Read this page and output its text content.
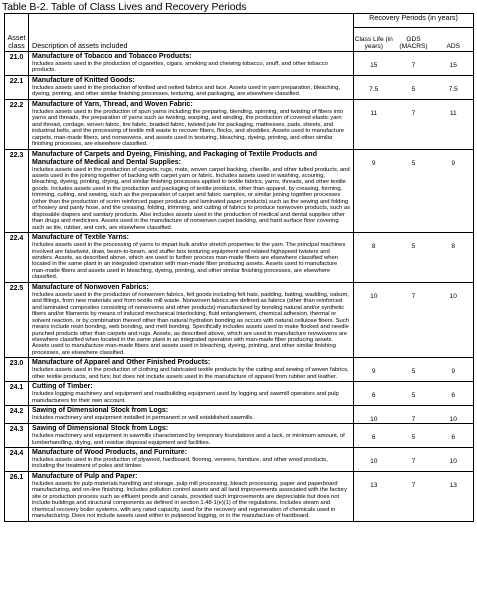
Table B-2. Table of Class Lives and Recovery Periods
Asset class	Description of assets included	Recovery Periods (in years)		
		Class Life (in years)	GDS (MACRS)	ADS
21.0	Manufacture of Tobacco and Tobacco Products:
Includes assets used in the production of cigarettes, cigars, smoking and chewing tobacco, snuff, and other tobacco products.	15	7	15
22.1	Manufacture of Knitted Goods:
Includes assets used in the production of knitted and netted fabrics and lace. Assets used in yarn preparation, bleaching, dyeing, printing, and other similar finishing processes, texturing, and packaging, are elsewhere classified.	7.5	5	7.5
22.2	Manufacture of Yarn, Thread, and Woven Fabric:
Includes assets used in the production of spun yarns including the preparing, blending, spinning, and twisting of fibers into yarns and threads, the preparation of yarns such as twisting, warping, and winding, the production of covered elastic yarn and thread, cordage, woven fabric, tire fabric, braided fabric, twisted jute for packaging, mattresses, pads, sheets, and industrial belts, and the processing of textile mill waste to recover fibers, flocks, and shoddies. Assets used to manufacture carpets, man-made fibers, and nonwovens, and assets used in texturing, bleaching, dyeing, printing, and other similar finishing processes, are elsewhere classified.	11	7	11
22.3	Manufacture of Carpets and Dyeing, Finishing, and Packaging of Textile Products and Manufacture of Medical and Dental Supplies:
Includes assets used in the production of carpets, rugs, mats, woven carpet backing, chenille, and other tufted products, and assets used in the joining together of backing with carpet yarn or fabric. Includes assets used in washing, scouring, bleaching, dyeing, printing, drying, and similar finishing processes applied to textile fabrics, yarns, threads, and other textile goods. Includes assets used in the production and packaging of textile products, other than apparel, by creasing, forming, trimming, cutting, and sewing, such as the preparation of carpet and fabric samples, or similar joining together processes (other than the production of scrim reinforced paper products and laminated paper products) such as the sewing and folding of hosiery and panty hose, and the creasing, folding, trimming, and cutting of fabrics to produce nonwoven products, such as disposable diapers and sanitary products. Also includes assets used in the production of medical and dental supplies other than drugs and medicines. Assets used in the manufacture of nonwoven carpet backing, and hard surface floor covering such as tile, rubber, and cork, are elsewhere classified.	9	5	9
22.4	Manufacture of Textile Yarns:
Includes assets used in the processing of yarns to impart bulk and/or stretch properties to the yarn. The principal machines involved are falsetwist, draw, beam-to-beam, and stuffer box texturing equipment and related highspeed twisters and winders. Assets, as described above, which are used to further process man-made fibers are elsewhere classified when located in the same plant in an integrated operation with man-made fiber producing assets. Assets used to manufacture man-made fibers and assets used in bleaching, dyeing, printing, and other similar finishing processes, are elsewhere classified.	8	5	8
22.5	Manufacture of Nonwoven Fabrics:
Includes assets used in the production of nonwoven fabrics, felt goods including felt hats, padding, batting, wadding, oakum, and fillings, from new materials and from textile mill waste. Nonwoven fabrics are defined as fabrics (other than reinforced and laminated composites consisting of nonwovens and other products) manufactured by bonding natural and/or synthetic fibers and/or filaments by means of induced mechanical interlocking, fluid entanglement, chemical adhesion, thermal or solvent reaction, or by combination thereof other than natural hydration bonding as occurs with natural cellulose fibers. Such means include resin bonding, web bonding, and melt bonding. Specifically includes assets used to make flocked and needle punched products other than carpets and rugs. Assets, as described above, which are used to manufacture nonwovens are elsewhere classified when located in the same plant in an integrated operation with man-made fiber producing assets. Assets used to manufacture man-made fibers and assets used in bleaching, dyeing, printing, and other similar finishing processes, are elsewhere classified.	10	7	10
23.0	Manufacture of Apparel and Other Finished Products:
Includes assets used in the production of clothing and fabricated textile products by the cutting and sewing of woven fabrics, other textile products, and furs; but does not include assets used in the manufacture of apparel from rubber and leather.	9	5	9
24.1	Cutting of Timber:
Includes logging machinery and equipment and roadbuilding equipment used by logging and sawmill operators and pulp manufacturers for their own account.	6	5	6
24.2	Sawing of Dimensional Stock from Logs:
Includes machinery and equipment installed in permanent or well established sawmills.	10	7	10
24.3	Sawing of Dimensional Stock from Logs:
Includes machinery and equipment in sawmills characterized by temporary foundations and a lack, or minimum amount, of lumberhandling, drying, and residue disposal equipment and facilities.	6	5	6
24.4	Manufacture of Wood Products, and Furniture:
Includes assets used in the production of plywood, hardboard, flooring, veneers, furniture, and other wood products, including the treatment of poles and timber.	10	7	10
26.1	Manufacture of Pulp and Paper:
Includes assets for pulp materials handling and storage, pulp mill processing, bleach processing, paper and paperboard manufacturing, and on-line finishing. Includes pollution control assets and all land improvements associated with the factory site or production process such as effluent ponds and canals, provided such improvements are depreciable but does not include buildings and structural components as defined in section 1.48-1(e)(1) of the regulations. Includes steam and chemical recovery boiler systems, with any rated capacity, used for the recovery and regeneration of chemicals used in manufacturing. Does not include assets used either in pulpwood logging, or in the manufacture of hardboard.	13	7	13
